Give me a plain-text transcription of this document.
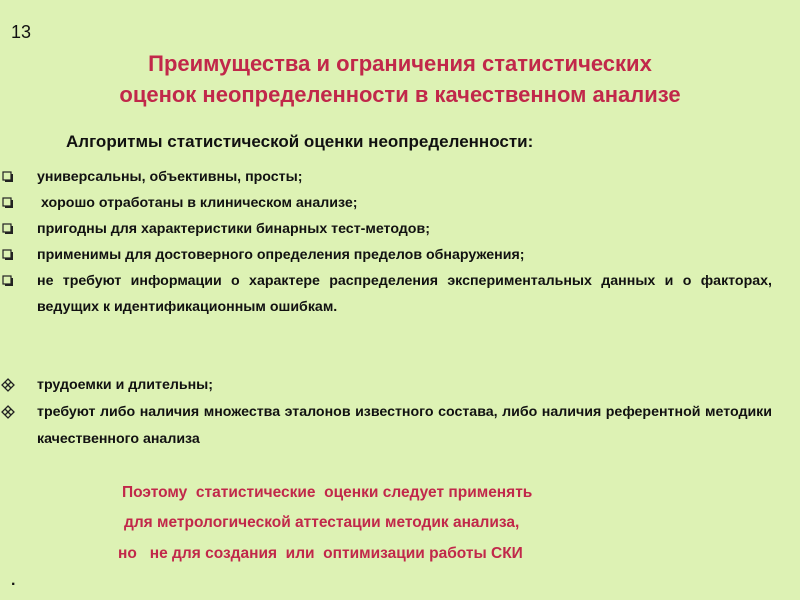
13
Преимущества и ограничения статистических
оценок неопределенности в качественном анализе
Алгоритмы статистической оценки неопределенности:
универсальны, объективны, просты;
хорошо отработаны в клиническом анализе;
пригодны для характеристики бинарных тест-методов;
применимы для достоверного определения пределов обнаружения;
не требуют информации о характере распределения экспериментальных данных и о факторах, ведущих к идентификационным ошибкам.
трудоемки и длительны;
требуют либо наличия множества эталонов известного состава, либо наличия референтной методики качественного анализа
Поэтому  статистические  оценки следует применять
для метрологической аттестации методик анализа,
но   не для создания  или  оптимизации работы СКИ
.
